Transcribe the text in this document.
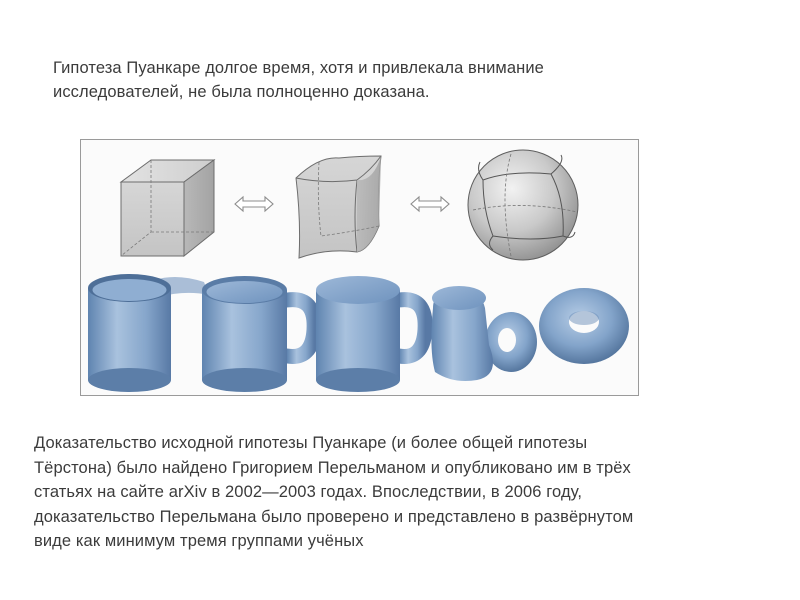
Гипотеза Пуанкаре долгое время, хотя и привлекала внимание
исследователей, не была полноценно доказана.
Доказательство исходной гипотезы Пуанкаре (и более общей гипотезы
Тёрстона) было найдено Григорием Перельманом и опубликовано им в трёх
статьях на сайте arXiv в 2002—2003 годах. Впоследствии, в 2006 году,
доказательство Перельмана было проверено и представлено в развёрнутом
виде как минимум тремя группами учёных
